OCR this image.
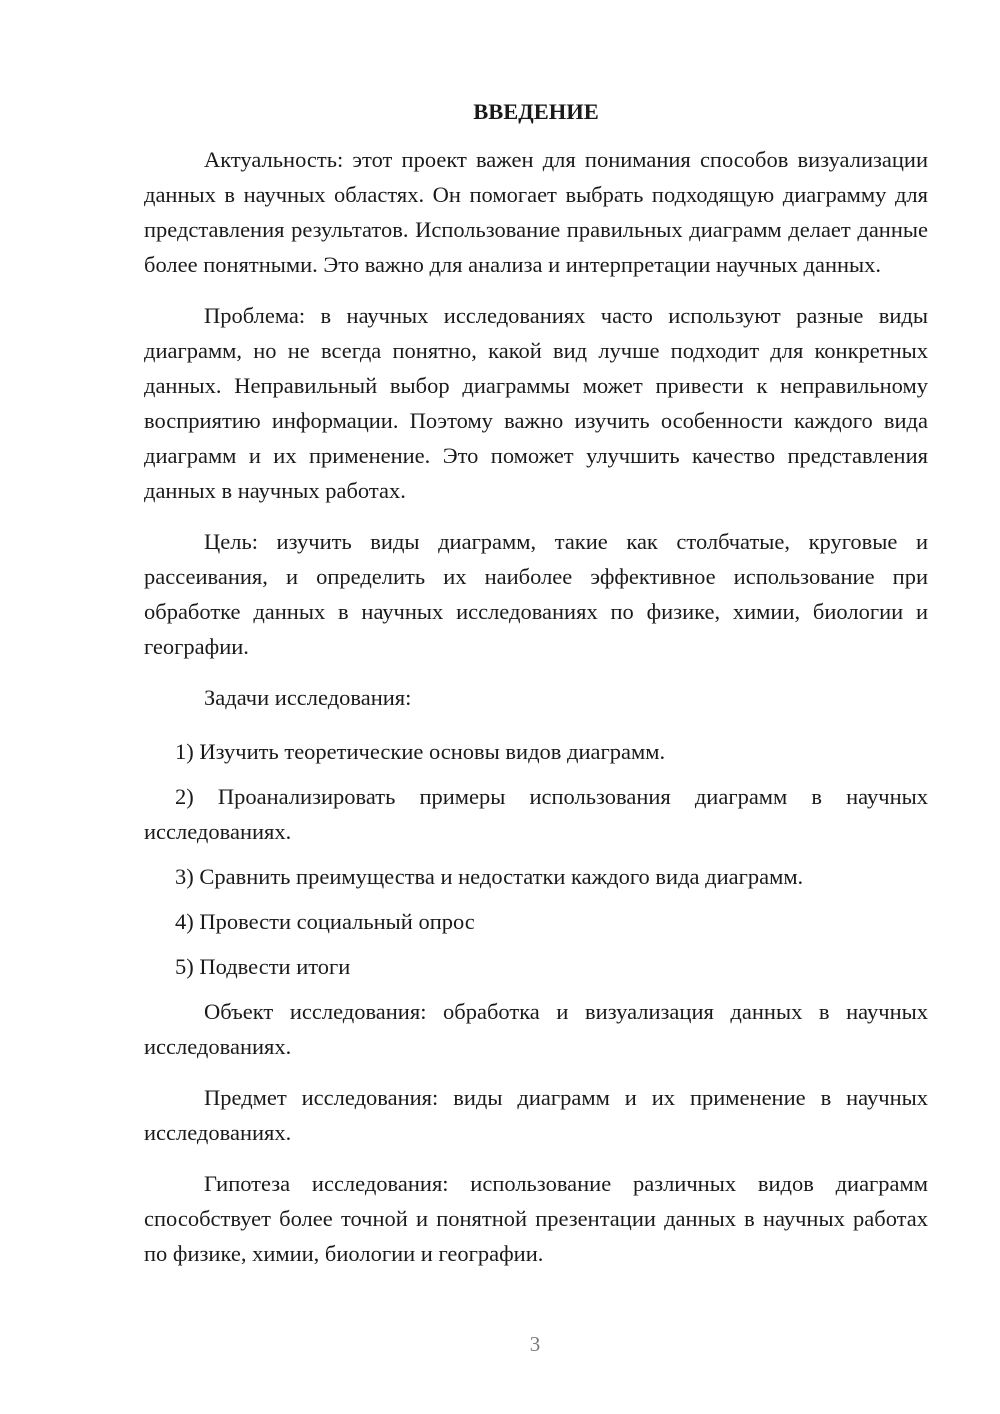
ВВЕДЕНИЕ

Актуальность: этот проект важен для понимания способов визуализации данных в научных областях. Он помогает выбрать подходящую диаграмму для представления результатов. Использование правильных диаграмм делает данные более понятными. Это важно для анализа и интерпретации научных данных.

Проблема: в научных исследованиях часто используют разные виды диаграмм, но не всегда понятно, какой вид лучше подходит для конкретных данных. Неправильный выбор диаграммы может привести к неправильному восприятию информации. Поэтому важно изучить особенности каждого вида диаграмм и их применение. Это поможет улучшить качество представления данных в научных работах.

Цель: изучить виды диаграмм, такие как столбчатые, круговые и рассеивания, и определить их наиболее эффективное использование при обработке данных в научных исследованиях по физике, химии, биологии и географии.

Задачи исследования:

1) Изучить теоретические основы видов диаграмм.

2) Проанализировать примеры использования диаграмм в научных исследованиях.

3) Сравнить преимущества и недостатки каждого вида диаграмм.

4) Провести социальный опрос

5) Подвести итоги

Объект исследования: обработка и визуализация данных в научных исследованиях.

Предмет исследования: виды диаграмм и их применение в научных исследованиях.

Гипотеза исследования: использование различных видов диаграмм способствует более точной и понятной презентации данных в научных работах по физике, химии, биологии и географии.

3
